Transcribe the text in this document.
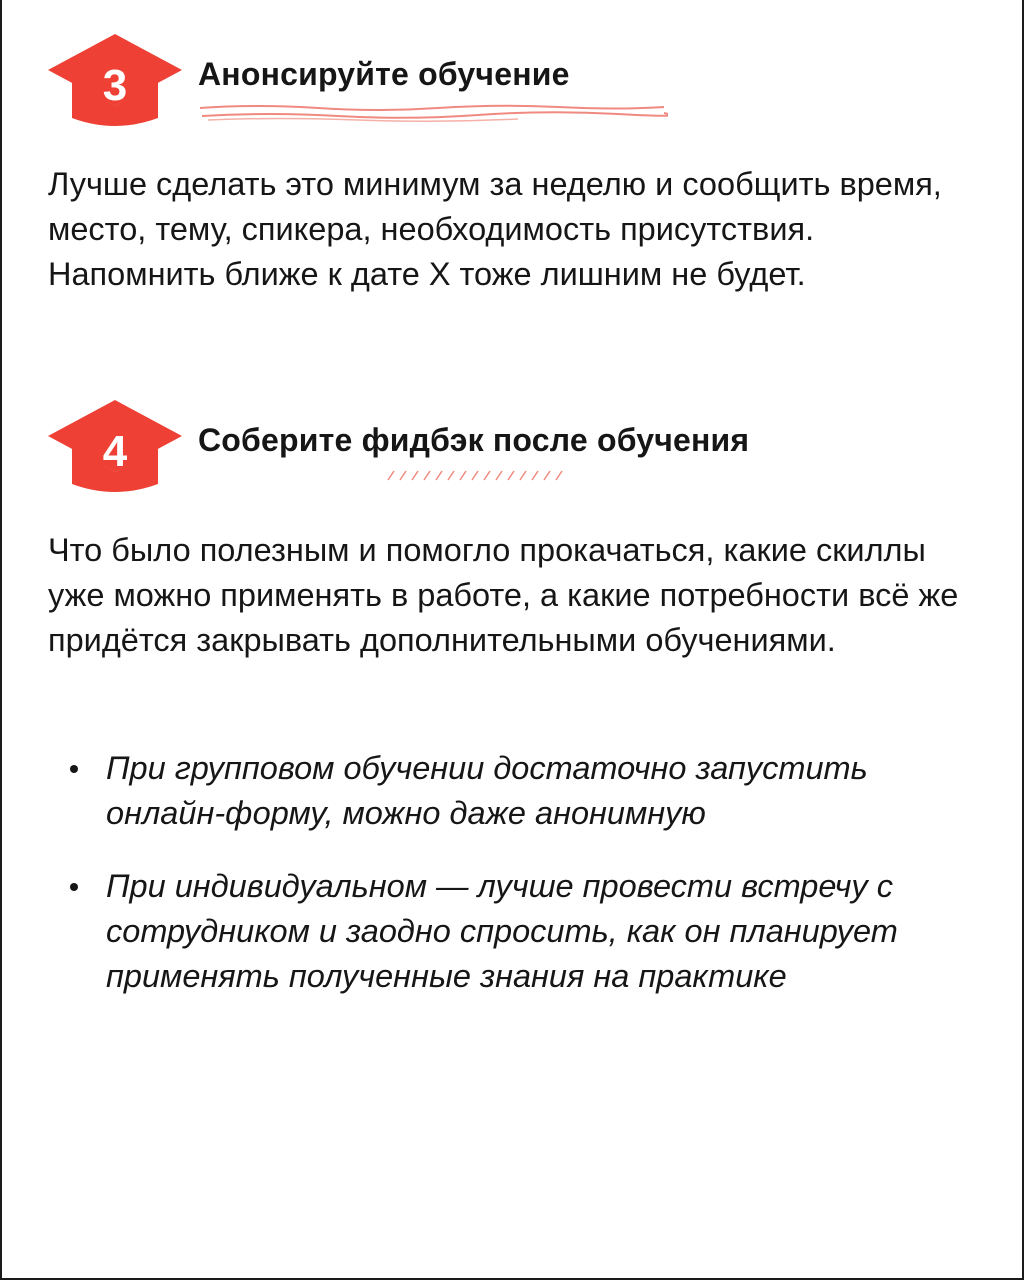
3	Анонсируйте обучение
Лучше сделать это минимум за неделю и сообщить время, место, тему, спикера, необходимость присутствия. Напомнить ближе к дате Х тоже лишним не будет.
4	Соберите фидбэк после обучения
Что было полезным и помогло прокачаться, какие скиллы уже можно применять в работе, а какие потребности всё же придётся закрывать дополнительными обучениями.
При групповом обучении достаточно запустить онлайн-форму, можно даже анонимную
При индивидуальном — лучше провести встречу с сотрудником и заодно спросить, как он планирует применять полученные знания на практике
